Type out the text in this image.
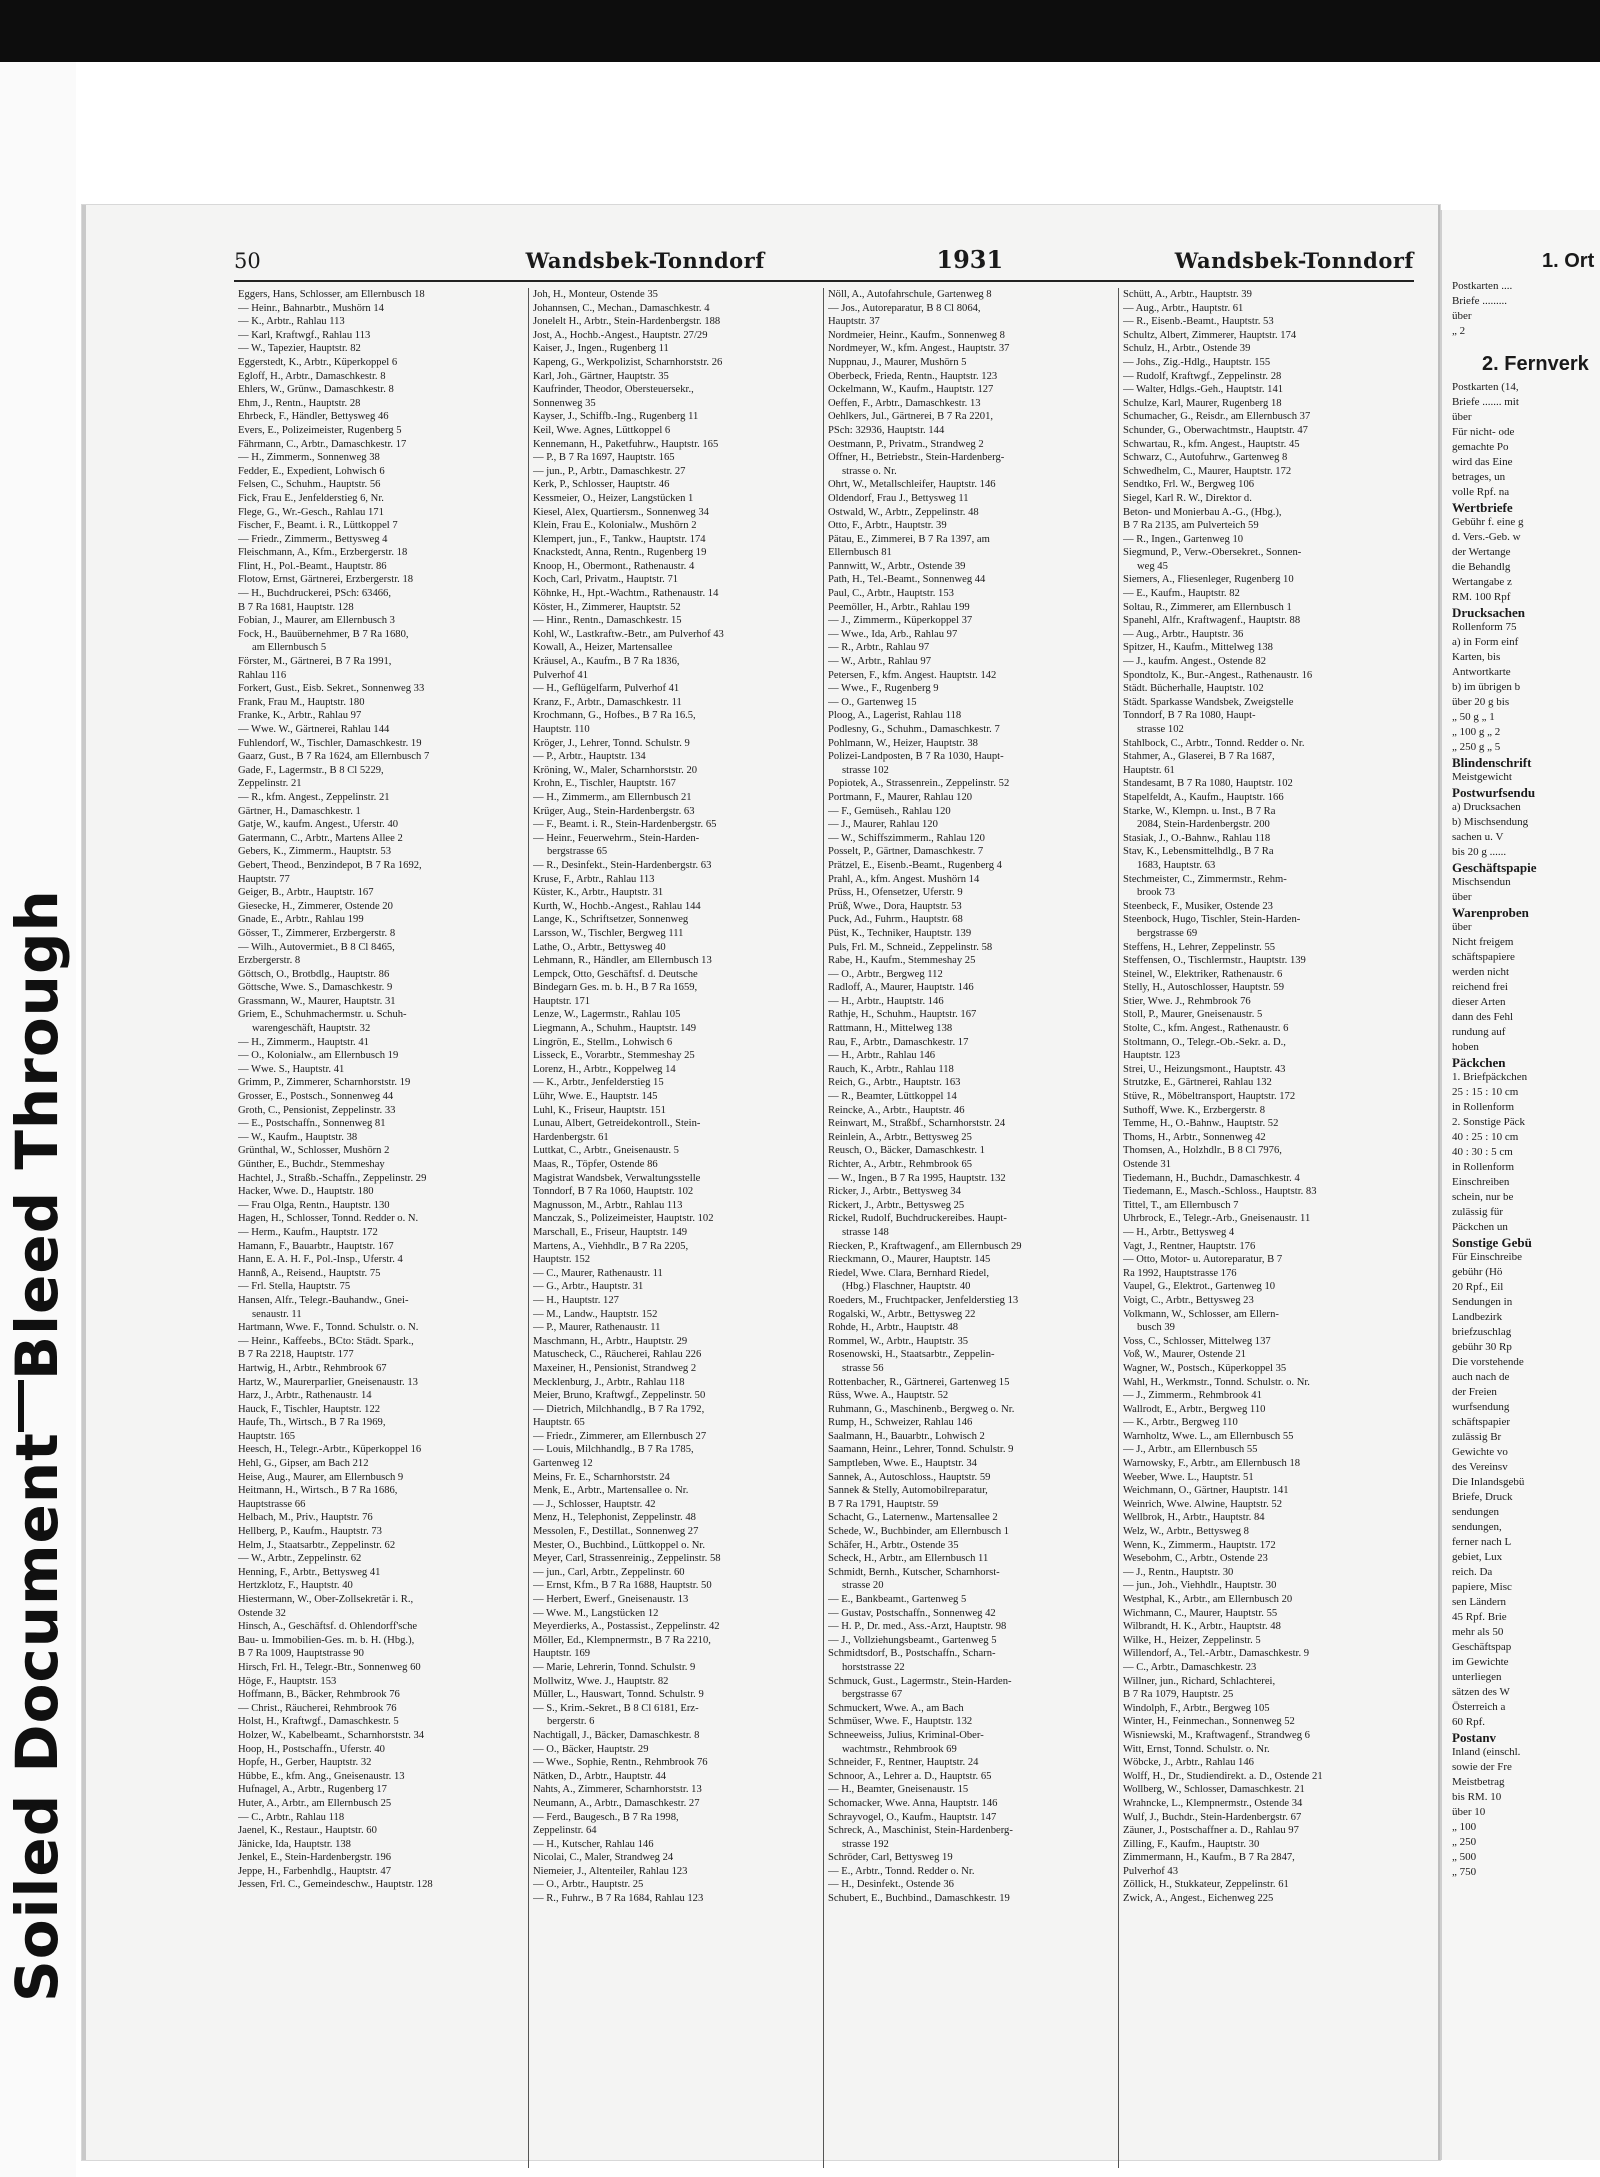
Soiled DocumentBleed Through
50	Wandsbek-Tonndorf	1931	Wandsbek-Tonndorf
Eggers, Hans, Schlosser, am Ellernbusch 18
— Heinr., Bahnarbtr., Mushörn 14
— K., Arbtr., Rahlau 113
— Karl, Kraftwgf., Rahlau 113
— W., Tapezier, Hauptstr. 82
Eggerstedt, K., Arbtr., Küperkoppel 6
Egloff, H., Arbtr., Damaschkestr. 8
Ehlers, W., Grünw., Damaschkestr. 8
Ehm, J., Rentn., Hauptstr. 28
Ehrbeck, F., Händler, Bettysweg 46
Evers, E., Polizeimeister, Rugenberg 5
Fährmann, C., Arbtr., Damaschkestr. 17
— H., Zimmerm., Sonnenweg 38
Fedder, E., Expedient, Lohwisch 6
Felsen, C., Schuhm., Hauptstr. 56
Fick, Frau E., Jenfelderstieg 6, Nr.
Flege, G., Wr.-Gesch., Rahlau 171
Fischer, F., Beamt. i. R., Lüttkoppel 7
— Friedr., Zimmerm., Bettysweg 4
Fleischmann, A., Kfm., Erzbergerstr. 18
Flint, H., Pol.-Beamt., Hauptstr. 86
Flotow, Ernst, Gärtnerei, Erzbergerstr. 18
— H., Buchdruckerei, PSch: 63466,
B 7 Ra 1681, Hauptstr. 128
Fobian, J., Maurer, am Ellernbusch 3
Fock, H., Bauübernehmer, B 7 Ra 1680,
am Ellernbusch 5
Förster, M., Gärtnerei, B 7 Ra 1991,
Rahlau 116
Forkert, Gust., Eisb. Sekret., Sonnenweg 33
Frank, Frau M., Hauptstr. 180
Franke, K., Arbtr., Rahlau 97
— Wwe. W., Gärtnerei, Rahlau 144
Fuhlendorf, W., Tischler, Damaschkestr. 19
Gaarz, Gust., B 7 Ra 1624, am Ellernbusch 7
Gade, F., Lagermstr., B 8 Cl 5229,
Zeppelinstr. 21
— R., kfm. Angest., Zeppelinstr. 21
Gärtner, H., Damaschkestr. 1
Gatje, W., kaufm. Angest., Uferstr. 40
Gatermann, C., Arbtr., Martens Allee 2
Gebers, K., Zimmerm., Hauptstr. 53
Gebert, Theod., Benzindepot, B 7 Ra 1692,
Hauptstr. 77
Geiger, B., Arbtr., Hauptstr. 167
Giesecke, H., Zimmerer, Ostende 20
Gnade, E., Arbtr., Rahlau 199
Gösser, T., Zimmerer, Erzbergerstr. 8
— Wilh., Autovermiet., B 8 Cl 8465,
Erzbergerstr. 8
Göttsch, O., Brotbdlg., Hauptstr. 86
Göttsche, Wwe. S., Damaschkestr. 9
Grassmann, W., Maurer, Hauptstr. 31
Griem, E., Schuhmachermstr. u. Schuh-
warengeschäft, Hauptstr. 32
— H., Zimmerm., Hauptstr. 41
— O., Kolonialw., am Ellernbusch 19
— Wwe. S., Hauptstr. 41
Grimm, P., Zimmerer, Scharnhorststr. 19
Grosser, E., Postsch., Sonnenweg 44
Groth, C., Pensionist, Zeppelinstr. 33
— E., Postschaffn., Sonnenweg 81
— W., Kaufm., Hauptstr. 38
Grünthal, W., Schlosser, Mushörn 2
Günther, E., Buchdr., Stemmeshay
Hachtel, J., Straßb.-Schaffn., Zeppelinstr. 29
Hacker, Wwe. D., Hauptstr. 180
— Frau Olga, Rentn., Hauptstr. 130
Hagen, H., Schlosser, Tonnd. Redder o. N.
— Herm., Kaufm., Hauptstr. 172
Hamann, F., Bauarbtr., Hauptstr. 167
Hann, E. A. H. F., Pol.-Insp., Uferstr. 4
Hannß, A., Reisend., Hauptstr. 75
— Frl. Stella, Hauptstr. 75
Hansen, Alfr., Telegr.-Bauhandw., Gnei-
senaustr. 11
Hartmann, Wwe. F., Tonnd. Schulstr. o. N.
— Heinr., Kaffeebs., BCto: Städt. Spark.,
B 7 Ra 2218, Hauptstr. 177
Hartwig, H., Arbtr., Rehmbrook 67
Hartz, W., Maurerparlier, Gneisenaustr. 13
Harz, J., Arbtr., Rathenaustr. 14
Hauck, F., Tischler, Hauptstr. 122
Haufe, Th., Wirtsch., B 7 Ra 1969,
Hauptstr. 165
Heesch, H., Telegr.-Arbtr., Küperkoppel 16
Hehl, G., Gipser, am Bach 212
Heise, Aug., Maurer, am Ellernbusch 9
Heitmann, H., Wirtsch., B 7 Ra 1686,
Hauptstrasse 66
Helbach, M., Priv., Hauptstr. 76
Hellberg, P., Kaufm., Hauptstr. 73
Helm, J., Staatsarbtr., Zeppelinstr. 62
— W., Arbtr., Zeppelinstr. 62
Henning, F., Arbtr., Bettysweg 41
Hertzklotz, F., Hauptstr. 40
Hiestermann, W., Ober-Zollsekretär i. R.,
Ostende 32
Hinsch, A., Geschäftsf. d. Ohlendorff'sche
Bau- u. Immobilien-Ges. m. b. H. (Hbg.),
B 7 Ra 1009, Hauptstrasse 90
Hirsch, Frl. H., Telegr.-Btr., Sonnenweg 60
Höge, F., Hauptstr. 153
Hoffmann, B., Bäcker, Rehmbrook 76
— Christ., Räucherei, Rehmbrook 76
Holst, H., Kraftwgf., Damaschkestr. 5
Holzer, W., Kabelbeamt., Scharnhorststr. 34
Hoop, H., Postschaffn., Uferstr. 40
Hopfe, H., Gerber, Hauptstr. 32
Hübbe, E., kfm. Ang., Gneisenaustr. 13
Hufnagel, A., Arbtr., Rugenberg 17
Huter, A., Arbtr., am Ellernbusch 25
— C., Arbtr., Rahlau 118
Jaenel, K., Restaur., Hauptstr. 60
Jänicke, Ida, Hauptstr. 138
Jenkel, E., Stein-Hardenbergstr. 196
Jeppe, H., Farbenhdlg., Hauptstr. 47
Jessen, Frl. C., Gemeindeschw., Hauptstr. 128
Joh, H., Monteur, Ostende 35
Johannsen, C., Mechan., Damaschkestr. 4
Jonelelt H., Arbtr., Stein-Hardenbergstr. 188
Jost, A., Hochb.-Angest., Hauptstr. 27/29
Kaiser, J., Ingen., Rugenberg 11
Kapeng, G., Werkpolizist, Scharnhorststr. 26
Karl, Joh., Gärtner, Hauptstr. 35
Kaufrinder, Theodor, Obersteuersekr.,
Sonnenweg 35
Kayser, J., Schiffb.-Ing., Rugenberg 11
Keil, Wwe. Agnes, Lüttkoppel 6
Kennemann, H., Paketfuhrw., Hauptstr. 165
— P., B 7 Ra 1697, Hauptstr. 165
— jun., P., Arbtr., Damaschkestr. 27
Kerk, P., Schlosser, Hauptstr. 46
Kessmeier, O., Heizer, Langstücken 1
Kiesel, Alex, Quartiersm., Sonnenweg 34
Klein, Frau E., Kolonialw., Mushörn 2
Klempert, jun., F., Tankw., Hauptstr. 174
Knackstedt, Anna, Rentn., Rugenberg 19
Knoop, H., Obermont., Rathenaustr. 4
Koch, Carl, Privatm., Hauptstr. 71
Köhnke, H., Hpt.-Wachtm., Rathenaustr. 14
Köster, H., Zimmerer, Hauptstr. 52
— Hinr., Rentn., Damaschkestr. 15
Kohl, W., Lastkraftw.-Betr., am Pulverhof 43
Kowall, A., Heizer, Martensallee
Kräusel, A., Kaufm., B 7 Ra 1836,
Pulverhof 41
— H., Geflügelfarm, Pulverhof 41
Kranz, F., Arbtr., Damaschkestr. 11
Krochmann, G., Hofbes., B 7 Ra 16.5,
Hauptstr. 110
Kröger, J., Lehrer, Tonnd. Schulstr. 9
— P., Arbtr., Hauptstr. 134
Kröning, W., Maler, Scharnhorststr. 20
Krohn, E., Tischler, Hauptstr. 167
— H., Zimmerm., am Ellernbusch 21
Krüger, Aug., Stein-Hardenbergstr. 63
— F., Beamt. i. R., Stein-Hardenbergstr. 65
— Heinr., Feuerwehrm., Stein-Harden-
bergstrasse 65
— R., Desinfekt., Stein-Hardenbergstr. 63
Kruse, F., Arbtr., Rahlau 113
Küster, K., Arbtr., Hauptstr. 31
Kurth, W., Hochb.-Angest., Rahlau 144
Lange, K., Schriftsetzer, Sonnenweg
Larsson, W., Tischler, Bergweg 111
Lathe, O., Arbtr., Bettysweg 40
Lehmann, R., Händler, am Ellernbusch 13
Lempck, Otto, Geschäftsf. d. Deutsche
Bindegarn Ges. m. b. H., B 7 Ra 1659,
Hauptstr. 171
Lenze, W., Lagermstr., Rahlau 105
Liegmann, A., Schuhm., Hauptstr. 149
Lingrön, E., Stellm., Lohwisch 6
Lisseck, E., Vorarbtr., Stemmeshay 25
Lorenz, H., Arbtr., Koppelweg 14
— K., Arbtr., Jenfelderstieg 15
Lühr, Wwe. E., Hauptstr. 145
Luhl, K., Friseur, Hauptstr. 151
Lunau, Albert, Getreidekontroll., Stein-
Hardenbergstr. 61
Luttkat, C., Arbtr., Gneisenaustr. 5
Maas, R., Töpfer, Ostende 86
Magistrat Wandsbek, Verwaltungsstelle
Tonndorf, B 7 Ra 1060, Hauptstr. 102
Magnusson, M., Arbtr., Rahlau 113
Manczak, S., Polizeimeister, Hauptstr. 102
Marschall, E., Friseur, Hauptstr. 149
Martens, A., Viehhdlr., B 7 Ra 2205,
Hauptstr. 152
— C., Maurer, Rathenaustr. 11
— G., Arbtr., Hauptstr. 31
— H., Hauptstr. 127
— M., Landw., Hauptstr. 152
— P., Maurer, Rathenaustr. 11
Maschmann, H., Arbtr., Hauptstr. 29
Matuscheck, C., Räucherei, Rahlau 226
Maxeiner, H., Pensionist, Strandweg 2
Mecklenburg, J., Arbtr., Rahlau 118
Meier, Bruno, Kraftwgf., Zeppelinstr. 50
— Dietrich, Milchhandlg., B 7 Ra 1792,
Hauptstr. 65
— Friedr., Zimmerer, am Ellernbusch 27
— Louis, Milchhandlg., B 7 Ra 1785,
Gartenweg 12
Meins, Fr. E., Scharnhorststr. 24
Menk, E., Arbtr., Martensallee o. Nr.
— J., Schlosser, Hauptstr. 42
Menz, H., Telephonist, Zeppelinstr. 48
Messolen, F., Destillat., Sonnenweg 27
Mester, O., Buchbind., Lüttkoppel o. Nr.
Meyer, Carl, Strassenreinig., Zeppelinstr. 58
— jun., Carl, Arbtr., Zeppelinstr. 60
— Ernst, Kfm., B 7 Ra 1688, Hauptstr. 50
— Herbert, Ewerf., Gneisenaustr. 13
— Wwe. M., Langstücken 12
Meyerdierks, A., Postassist., Zeppelinstr. 42
Möller, Ed., Klempnermstr., B 7 Ra 2210,
Hauptstr. 169
— Marie, Lehrerin, Tonnd. Schulstr. 9
Mollwitz, Wwe. J., Hauptstr. 82
Müller, L., Hauswart, Tonnd. Schulstr. 9
— S., Krim.-Sekret., B 8 Cl 6181, Erz-
bergerstr. 6
Nachtigall, J., Bäcker, Damaschkestr. 8
— O., Bäcker, Hauptstr. 29
— Wwe., Sophie, Rentn., Rehmbrook 76
Nätken, D., Arbtr., Hauptstr. 44
Nahts, A., Zimmerer, Scharnhorststr. 13
Neumann, A., Arbtr., Damaschkestr. 27
— Ferd., Baugesch., B 7 Ra 1998,
Zeppelinstr. 64
— H., Kutscher, Rahlau 146
Nicolai, C., Maler, Strandweg 24
Niemeier, J., Altenteiler, Rahlau 123
— O., Arbtr., Hauptstr. 25
— R., Fuhrw., B 7 Ra 1684, Rahlau 123
Nöll, A., Autofahrschule, Gartenweg 8
— Jos., Autoreparatur, B 8 Cl 8064,
Hauptstr. 37
Nordmeier, Heinr., Kaufm., Sonnenweg 8
Nordmeyer, W., kfm. Angest., Hauptstr. 37
Nuppnau, J., Maurer, Mushörn 5
Oberbeck, Frieda, Rentn., Hauptstr. 123
Ockelmann, W., Kaufm., Hauptstr. 127
Oeffen, F., Arbtr., Damaschkestr. 13
Oehlkers, Jul., Gärtnerei, B 7 Ra 2201,
PSch: 32936, Hauptstr. 144
Oestmann, P., Privatm., Strandweg 2
Offner, H., Betriebstr., Stein-Hardenberg-
strasse o. Nr.
Ohrt, W., Metallschleifer, Hauptstr. 146
Oldendorf, Frau J., Bettysweg 11
Ostwald, W., Arbtr., Zeppelinstr. 48
Otto, F., Arbtr., Hauptstr. 39
Pätau, E., Zimmerei, B 7 Ra 1397, am
Ellernbusch 81
Pannwitt, W., Arbtr., Ostende 39
Path, H., Tel.-Beamt., Sonnenweg 44
Paul, C., Arbtr., Hauptstr. 153
Peemöller, H., Arbtr., Rahlau 199
— J., Zimmerm., Küperkoppel 37
— Wwe., Ida, Arb., Rahlau 97
— R., Arbtr., Rahlau 97
— W., Arbtr., Rahlau 97
Petersen, F., kfm. Angest. Hauptstr. 142
— Wwe., F., Rugenberg 9
— O., Gartenweg 15
Ploog, A., Lagerist, Rahlau 118
Podlesny, G., Schuhm., Damaschkestr. 7
Pohlmann, W., Heizer, Hauptstr. 38
Polizei-Landposten, B 7 Ra 1030, Haupt-
strasse 102
Popiotek, A., Strassenrein., Zeppelinstr. 52
Portmann, F., Maurer, Rahlau 120
— F., Gemüseh., Rahlau 120
— J., Maurer, Rahlau 120
— W., Schiffszimmerm., Rahlau 120
Posselt, P., Gärtner, Damaschkestr. 7
Prätzel, E., Eisenb.-Beamt., Rugenberg 4
Prahl, A., kfm. Angest. Mushörn 14
Prüss, H., Ofensetzer, Uferstr. 9
Prüß, Wwe., Dora, Hauptstr. 53
Puck, Ad., Fuhrm., Hauptstr. 68
Püst, K., Techniker, Hauptstr. 139
Puls, Frl. M., Schneid., Zeppelinstr. 58
Rabe, H., Kaufm., Stemmeshay 25
— O., Arbtr., Bergweg 112
Radloff, A., Maurer, Hauptstr. 146
— H., Arbtr., Hauptstr. 146
Rathje, H., Schuhm., Hauptstr. 167
Rattmann, H., Mittelweg 138
Rau, F., Arbtr., Damaschkestr. 17
— H., Arbtr., Rahlau 146
Rauch, K., Arbtr., Rahlau 118
Reich, G., Arbtr., Hauptstr. 163
— R., Beamter, Lüttkoppel 14
Reincke, A., Arbtr., Hauptstr. 46
Reinwart, M., Straßbf., Scharnhorststr. 24
Reinlein, A., Arbtr., Bettysweg 25
Reusch, O., Bäcker, Damaschkestr. 1
Richter, A., Arbtr., Rehmbrook 65
— W., Ingen., B 7 Ra 1995, Hauptstr. 132
Ricker, J., Arbtr., Bettysweg 34
Rickert, J., Arbtr., Bettysweg 25
Rickel, Rudolf, Buchdruckereibes. Haupt-
strasse 148
Riecken, P., Kraftwagenf., am Ellernbusch 29
Rieckmann, O., Maurer, Hauptstr. 145
Riedel, Wwe. Clara, Bernhard Riedel,
(Hbg.) Flaschner, Hauptstr. 40
Roeders, M., Fruchtpacker, Jenfelderstieg 13
Rogalski, W., Arbtr., Bettysweg 22
Rohde, H., Arbtr., Hauptstr. 48
Rommel, W., Arbtr., Hauptstr. 35
Rosenowski, H., Staatsarbtr., Zeppelin-
strasse 56
Rottenbacher, R., Gärtnerei, Gartenweg 15
Rüss, Wwe. A., Hauptstr. 52
Ruhmann, G., Maschinenb., Bergweg o. Nr.
Rump, H., Schweizer, Rahlau 146
Saalmann, H., Bauarbtr., Lohwisch 2
Saamann, Heinr., Lehrer, Tonnd. Schulstr. 9
Samptleben, Wwe. E., Hauptstr. 34
Sannek, A., Autoschloss., Hauptstr. 59
Sannek & Stelly, Automobilreparatur,
B 7 Ra 1791, Hauptstr. 59
Schacht, G., Laternenw., Martensallee 2
Schede, W., Buchbinder, am Ellernbusch 1
Schäfer, H., Arbtr., Ostende 35
Scheck, H., Arbtr., am Ellernbusch 11
Schmidt, Bernh., Kutscher, Scharnhorst-
strasse 20
— E., Bankbeamt., Gartenweg 5
— Gustav, Postschaffn., Sonnenweg 42
— H. P., Dr. med., Ass.-Arzt, Hauptstr. 98
— J., Vollziehungsbeamt., Gartenweg 5
Schmidtsdorf, B., Postschaffn., Scharn-
horststrasse 22
Schmuck, Gust., Lagermstr., Stein-Harden-
bergstrasse 67
Schmuckert, Wwe. A., am Bach
Schmüser, Wwe. F., Hauptstr. 132
Schneeweiss, Julius, Kriminal-Ober-
wachtmstr., Rehmbrook 69
Schneider, F., Rentner, Hauptstr. 24
Schnoor, A., Lehrer a. D., Hauptstr. 65
— H., Beamter, Gneisenaustr. 15
Schomacker, Wwe. Anna, Hauptstr. 146
Schrayvogel, O., Kaufm., Hauptstr. 147
Schreck, A., Maschinist, Stein-Hardenberg-
strasse 192
Schröder, Carl, Bettysweg 19
— E., Arbtr., Tonnd. Redder o. Nr.
— H., Desinfekt., Ostende 36
Schubert, E., Buchbind., Damaschkestr. 19
Schütt, A., Arbtr., Hauptstr. 39
— Aug., Arbtr., Hauptstr. 61
— R., Eisenb.-Beamt., Hauptstr. 53
Schultz, Albert, Zimmerer, Hauptstr. 174
Schulz, H., Arbtr., Ostende 39
— Johs., Zig.-Hdlg., Hauptstr. 155
— Rudolf, Kraftwgf., Zeppelinstr. 28
— Walter, Hdlgs.-Geh., Hauptstr. 141
Schulze, Karl, Maurer, Rugenberg 18
Schumacher, G., Reisdr., am Ellernbusch 37
Schunder, G., Oberwachtmstr., Hauptstr. 47
Schwartau, R., kfm. Angest., Hauptstr. 45
Schwarz, C., Autofuhrw., Gartenweg 8
Schwedhelm, C., Maurer, Hauptstr. 172
Sendtko, Frl. W., Bergweg 106
Siegel, Karl R. W., Direktor d.
Beton- und Monierbau A.-G., (Hbg.),
B 7 Ra 2135, am Pulverteich 59
— R., Ingen., Gartenweg 10
Siegmund, P., Verw.-Obersekret., Sonnen-
weg 45
Siemers, A., Fliesenleger, Rugenberg 10
— E., Kaufm., Hauptstr. 82
Soltau, R., Zimmerer, am Ellernbusch 1
Spanehl, Alfr., Kraftwagenf., Hauptstr. 88
— Aug., Arbtr., Hauptstr. 36
Spitzer, H., Kaufm., Mittelweg 138
— J., kaufm. Angest., Ostende 82
Spondtolz, K., Bur.-Angest., Rathenaustr. 16
Städt. Bücherhalle, Hauptstr. 102
Städt. Sparkasse Wandsbek, Zweigstelle
Tonndorf, B 7 Ra 1080, Haupt-
strasse 102
Stahlbock, C., Arbtr., Tonnd. Redder o. Nr.
Stahmer, A., Glaserei, B 7 Ra 1687,
Hauptstr. 61
Standesamt, B 7 Ra 1080, Hauptstr. 102
Stapelfeldt, A., Kaufm., Hauptstr. 166
Starke, W., Klempn. u. Inst., B 7 Ra
2084, Stein-Hardenbergstr. 200
Stasiak, J., O.-Bahnw., Rahlau 118
Stav, K., Lebensmittelhdlg., B 7 Ra
1683, Hauptstr. 63
Stechmeister, C., Zimmermstr., Rehm-
brook 73
Steenbeck, F., Musiker, Ostende 23
Steenbock, Hugo, Tischler, Stein-Harden-
bergstrasse 69
Steffens, H., Lehrer, Zeppelinstr. 55
Steffensen, O., Tischlermstr., Hauptstr. 139
Steinel, W., Elektriker, Rathenaustr. 6
Stelly, H., Autoschlosser, Hauptstr. 59
Stier, Wwe. J., Rehmbrook 76
Stoll, P., Maurer, Gneisenaustr. 5
Stolte, C., kfm. Angest., Rathenaustr. 6
Stoltmann, O., Telegr.-Ob.-Sekr. a. D.,
Hauptstr. 123
Strei, U., Heizungsmont., Hauptstr. 43
Strutzke, E., Gärtnerei, Rahlau 132
Stüve, R., Möbeltransport, Hauptstr. 172
Suthoff, Wwe. K., Erzbergerstr. 8
Temme, H., O.-Bahnw., Hauptstr. 52
Thoms, H., Arbtr., Sonnenweg 42
Thomsen, A., Holzhdlr., B 8 Cl 7976,
Ostende 31
Tiedemann, H., Buchdr., Damaschkestr. 4
Tiedemann, E., Masch.-Schloss., Hauptstr. 83
Tittel, T., am Ellernbusch 7
Uhrbrock, E., Telegr.-Arb., Gneisenaustr. 11
— H., Arbtr., Bettysweg 4
Vagt, J., Rentner, Hauptstr. 176
— Otto, Motor- u. Autoreparatur, B 7
Ra 1992, Hauptstrasse 176
Vaupel, G., Elektrot., Gartenweg 10
Voigt, C., Arbtr., Bettysweg 23
Volkmann, W., Schlosser, am Ellern-
busch 39
Voss, C., Schlosser, Mittelweg 137
Voß, W., Maurer, Ostende 21
Wagner, W., Postsch., Küperkoppel 35
Wahl, H., Werkmstr., Tonnd. Schulstr. o. Nr.
— J., Zimmerm., Rehmbrook 41
Wallrodt, E., Arbtr., Bergweg 110
— K., Arbtr., Bergweg 110
Warnholtz, Wwe. L., am Ellernbusch 55
— J., Arbtr., am Ellernbusch 55
Warnowsky, F., Arbtr., am Ellernbusch 18
Weeber, Wwe. L., Hauptstr. 51
Weichmann, O., Gärtner, Hauptstr. 141
Weinrich, Wwe. Alwine, Hauptstr. 52
Wellbrok, H., Arbtr., Hauptstr. 84
Welz, W., Arbtr., Bettysweg 8
Wenn, K., Zimmerm., Hauptstr. 172
Wesebohm, C., Arbtr., Ostende 23
— J., Rentn., Hauptstr. 30
— jun., Joh., Viehhdlr., Hauptstr. 30
Westphal, K., Arbtr., am Ellernbusch 20
Wichmann, C., Maurer, Hauptstr. 55
Wilbrandt, H. K., Arbtr., Hauptstr. 48
Wilke, H., Heizer, Zeppelinstr. 5
Willendorf, A., Tel.-Arbtr., Damaschkestr. 9
— C., Arbtr., Damaschkestr. 23
Willner, jun., Richard, Schlachterei,
B 7 Ra 1079, Hauptstr. 25
Windolph, F., Arbtr., Bergweg 105
Winter, H., Feinmechan., Sonnenweg 52
Wisniewski, M., Kraftwagenf., Strandweg 6
Witt, Ernst, Tonnd. Schulstr. o. Nr.
Wöbcke, J., Arbtr., Rahlau 146
Wolff, H., Dr., Studiendirekt. a. D., Ostende 21
Wollberg, W., Schlosser, Damaschkestr. 21
Wrahncke, L., Klempnermstr., Ostende 34
Wulf, J., Buchdr., Stein-Hardenbergstr. 67
Zäuner, J., Postschaffner a. D., Rahlau 97
Zilling, F., Kaufm., Hauptstr. 30
Zimmermann, H., Kaufm., B 7 Ra 2847,
Pulverhof 43
Zöllick, H., Stukkateur, Zeppelinstr. 61
Zwick, A., Angest., Eichenweg 225
1. Ort
Postkarten ....
Briefe .........
über
„ 2
2. Fernverk
Postkarten (14,
Briefe ....... mit
über
Für nicht- ode
gemachte Po
wird das Eine
betrages, un
volle Rpf. na
Wertbriefe
Gebühr f. eine g
d. Vers.-Geb. w
der Wertange
die Behandlg
Wertangabe z
RM. 100 Rpf
Drucksachen
Rollenform 75
a) in Form einf
Karten, bis
Antwortkarte
b) im übrigen b
über 20 g bis
„ 50 g „ 1
„ 100 g „ 2
„ 250 g „ 5
Blindenschrift
Meistgewicht
Postwurfsendu
a) Drucksachen
b) Mischsendung
sachen u. V
bis 20 g ......
Geschäftspapie
Mischsendun
über
Warenproben
über
Nicht freigem
schäftspapiere
werden nicht
reichend frei
dieser Arten
dann des Fehl
rundung auf
hoben
Päckchen
1. Briefpäckchen
25 : 15 : 10 cm
in Rollenform
2. Sonstige Päck
40 : 25 : 10 cm
40 : 30 : 5 cm
in Rollenform
Einschreiben
schein, nur be
zulässig für
Päckchen un
Sonstige Gebü
Für Einschreibe
gebühr (Hö
20 Rpf., Eil
Sendungen in
Landbezirk
briefzuschlag
gebühr 30 Rp
Die vorstehende
auch nach de
der Freien
wurfsendung
schäftspapier
zulässig Br
Gewichte vo
des Vereinsv
Die Inlandsgebü
Briefe, Druck
sendungen
sendungen,
ferner nach L
gebiet, Lux
reich. Da
papiere, Misc
sen Ländern
45 Rpf. Brie
mehr als 50
Geschäftspap
im Gewichte
unterliegen
sätzen des W
Österreich a
60 Rpf.
Postanv
Inland (einschl.
sowie der Fre
Meistbetrag
bis RM. 10
über 10
„ 100
„ 250
„ 500
„ 750
